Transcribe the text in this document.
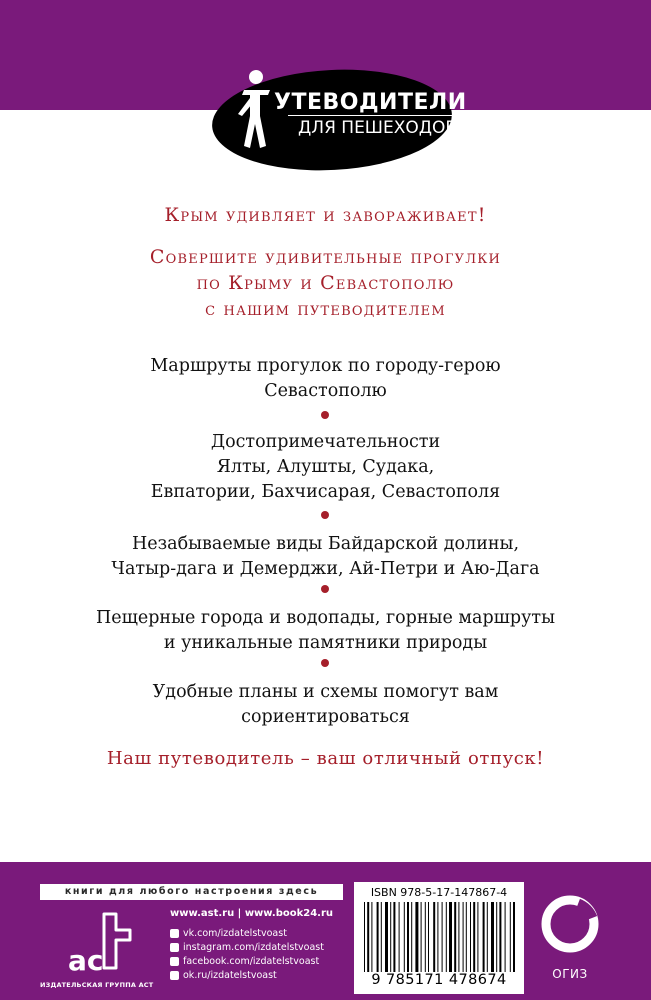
УТЕВОДИТЕЛИ
ДЛЯ ПЕШЕХОДОВ
Крым удивляет и завораживает!
Совершите удивительные прогулки
по Крыму и Севастополю
с нашим путеводителем
Маршруты прогулок по городу-герою
Севастополю
Достопримечательности
Ялты, Алушты, Судака,
Евпатории, Бахчисарая, Севастополя
Незабываемые виды Байдарской долины,
Чатыр-дага и Демерджи, Ай-Петри и Аю-Дага
Пещерные города и водопады, горные маршруты
и уникальные памятники природы
Удобные планы и схемы помогут вам
сориентироваться
Наш путеводитель – ваш отличный отпуск!
книги для любого настроения здесь
ac
ИЗДАТЕЛЬСКАЯ ГРУППА АСТ
www.ast.ru | www.book24.ru
vk.com/izdatelstvoast
instagram.com/izdatelstvoast
facebook.com/izdatelstvoast
ok.ru/izdatelstvoast
ISBN 978-5-17-147867-4
9 785171 478674	ОГИЗ
